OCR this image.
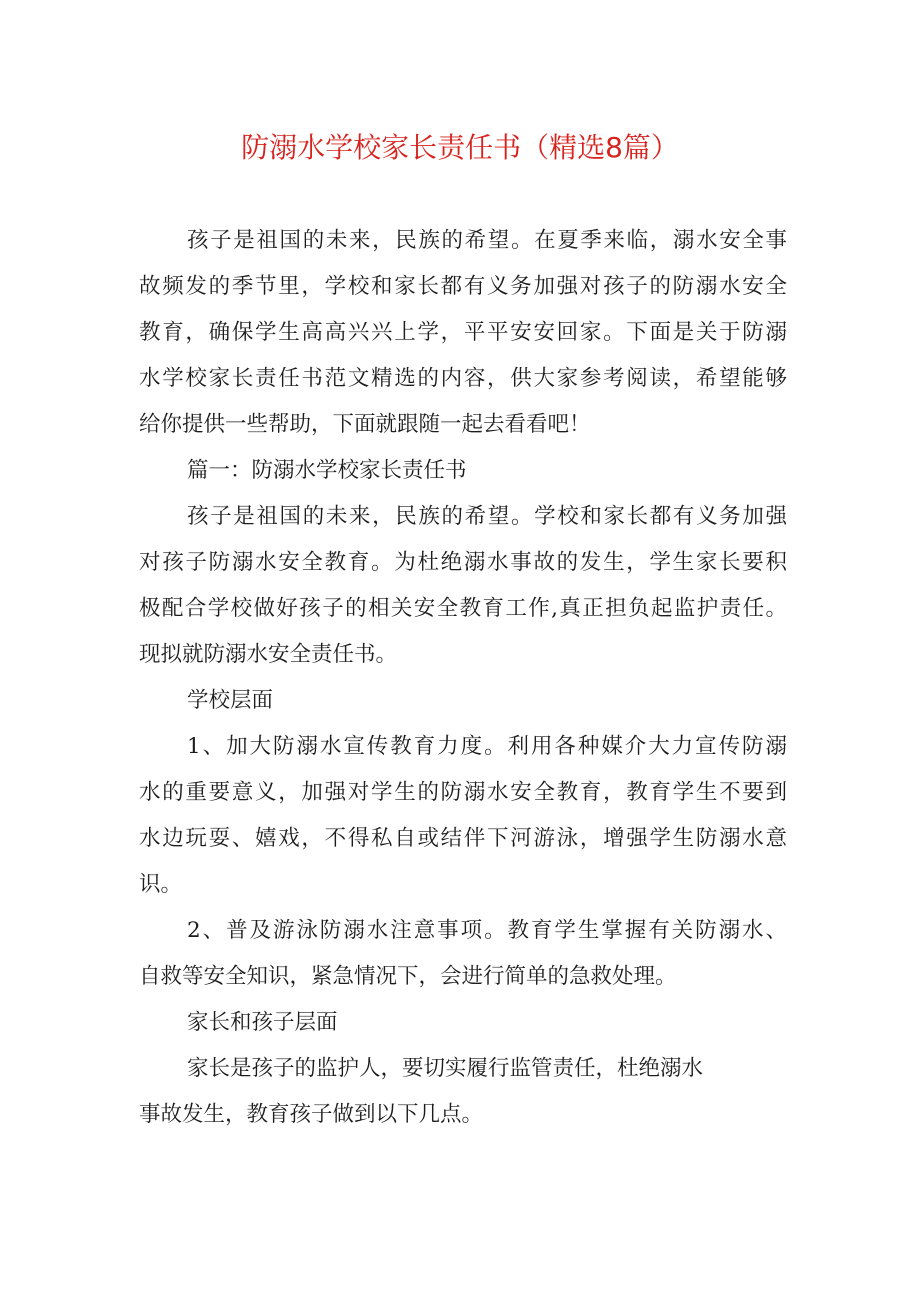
防溺水学校家长责任书（精选8篇）
孩子是祖国的未来，民族的希望。在夏季来临，溺水安全事
故频发的季节里，学校和家长都有义务加强对孩子的防溺水安全
教育，确保学生高高兴兴上学，平平安安回家。下面是关于防溺
水学校家长责任书范文精选的内容，供大家参考阅读，希望能够
给你提供一些帮助，下面就跟随一起去看看吧！
篇一：防溺水学校家长责任书
孩子是祖国的未来，民族的希望。学校和家长都有义务加强
对孩子防溺水安全教育。为杜绝溺水事故的发生，学生家长要积
极配合学校做好孩子的相关安全教育工作,真正担负起监护责任。
现拟就防溺水安全责任书。
学校层面
1、加大防溺水宣传教育力度。利用各种媒介大力宣传防溺
水的重要意义，加强对学生的防溺水安全教育，教育学生不要到
水边玩耍、嬉戏，不得私自或结伴下河游泳，增强学生防溺水意
识。
2、普及游泳防溺水注意事项。教育学生掌握有关防溺水、
自救等安全知识，紧急情况下，会进行简单的急救处理。
家长和孩子层面
家长是孩子的监护人，要切实履行监管责任，杜绝溺水
事故发生，教育孩子做到以下几点。
